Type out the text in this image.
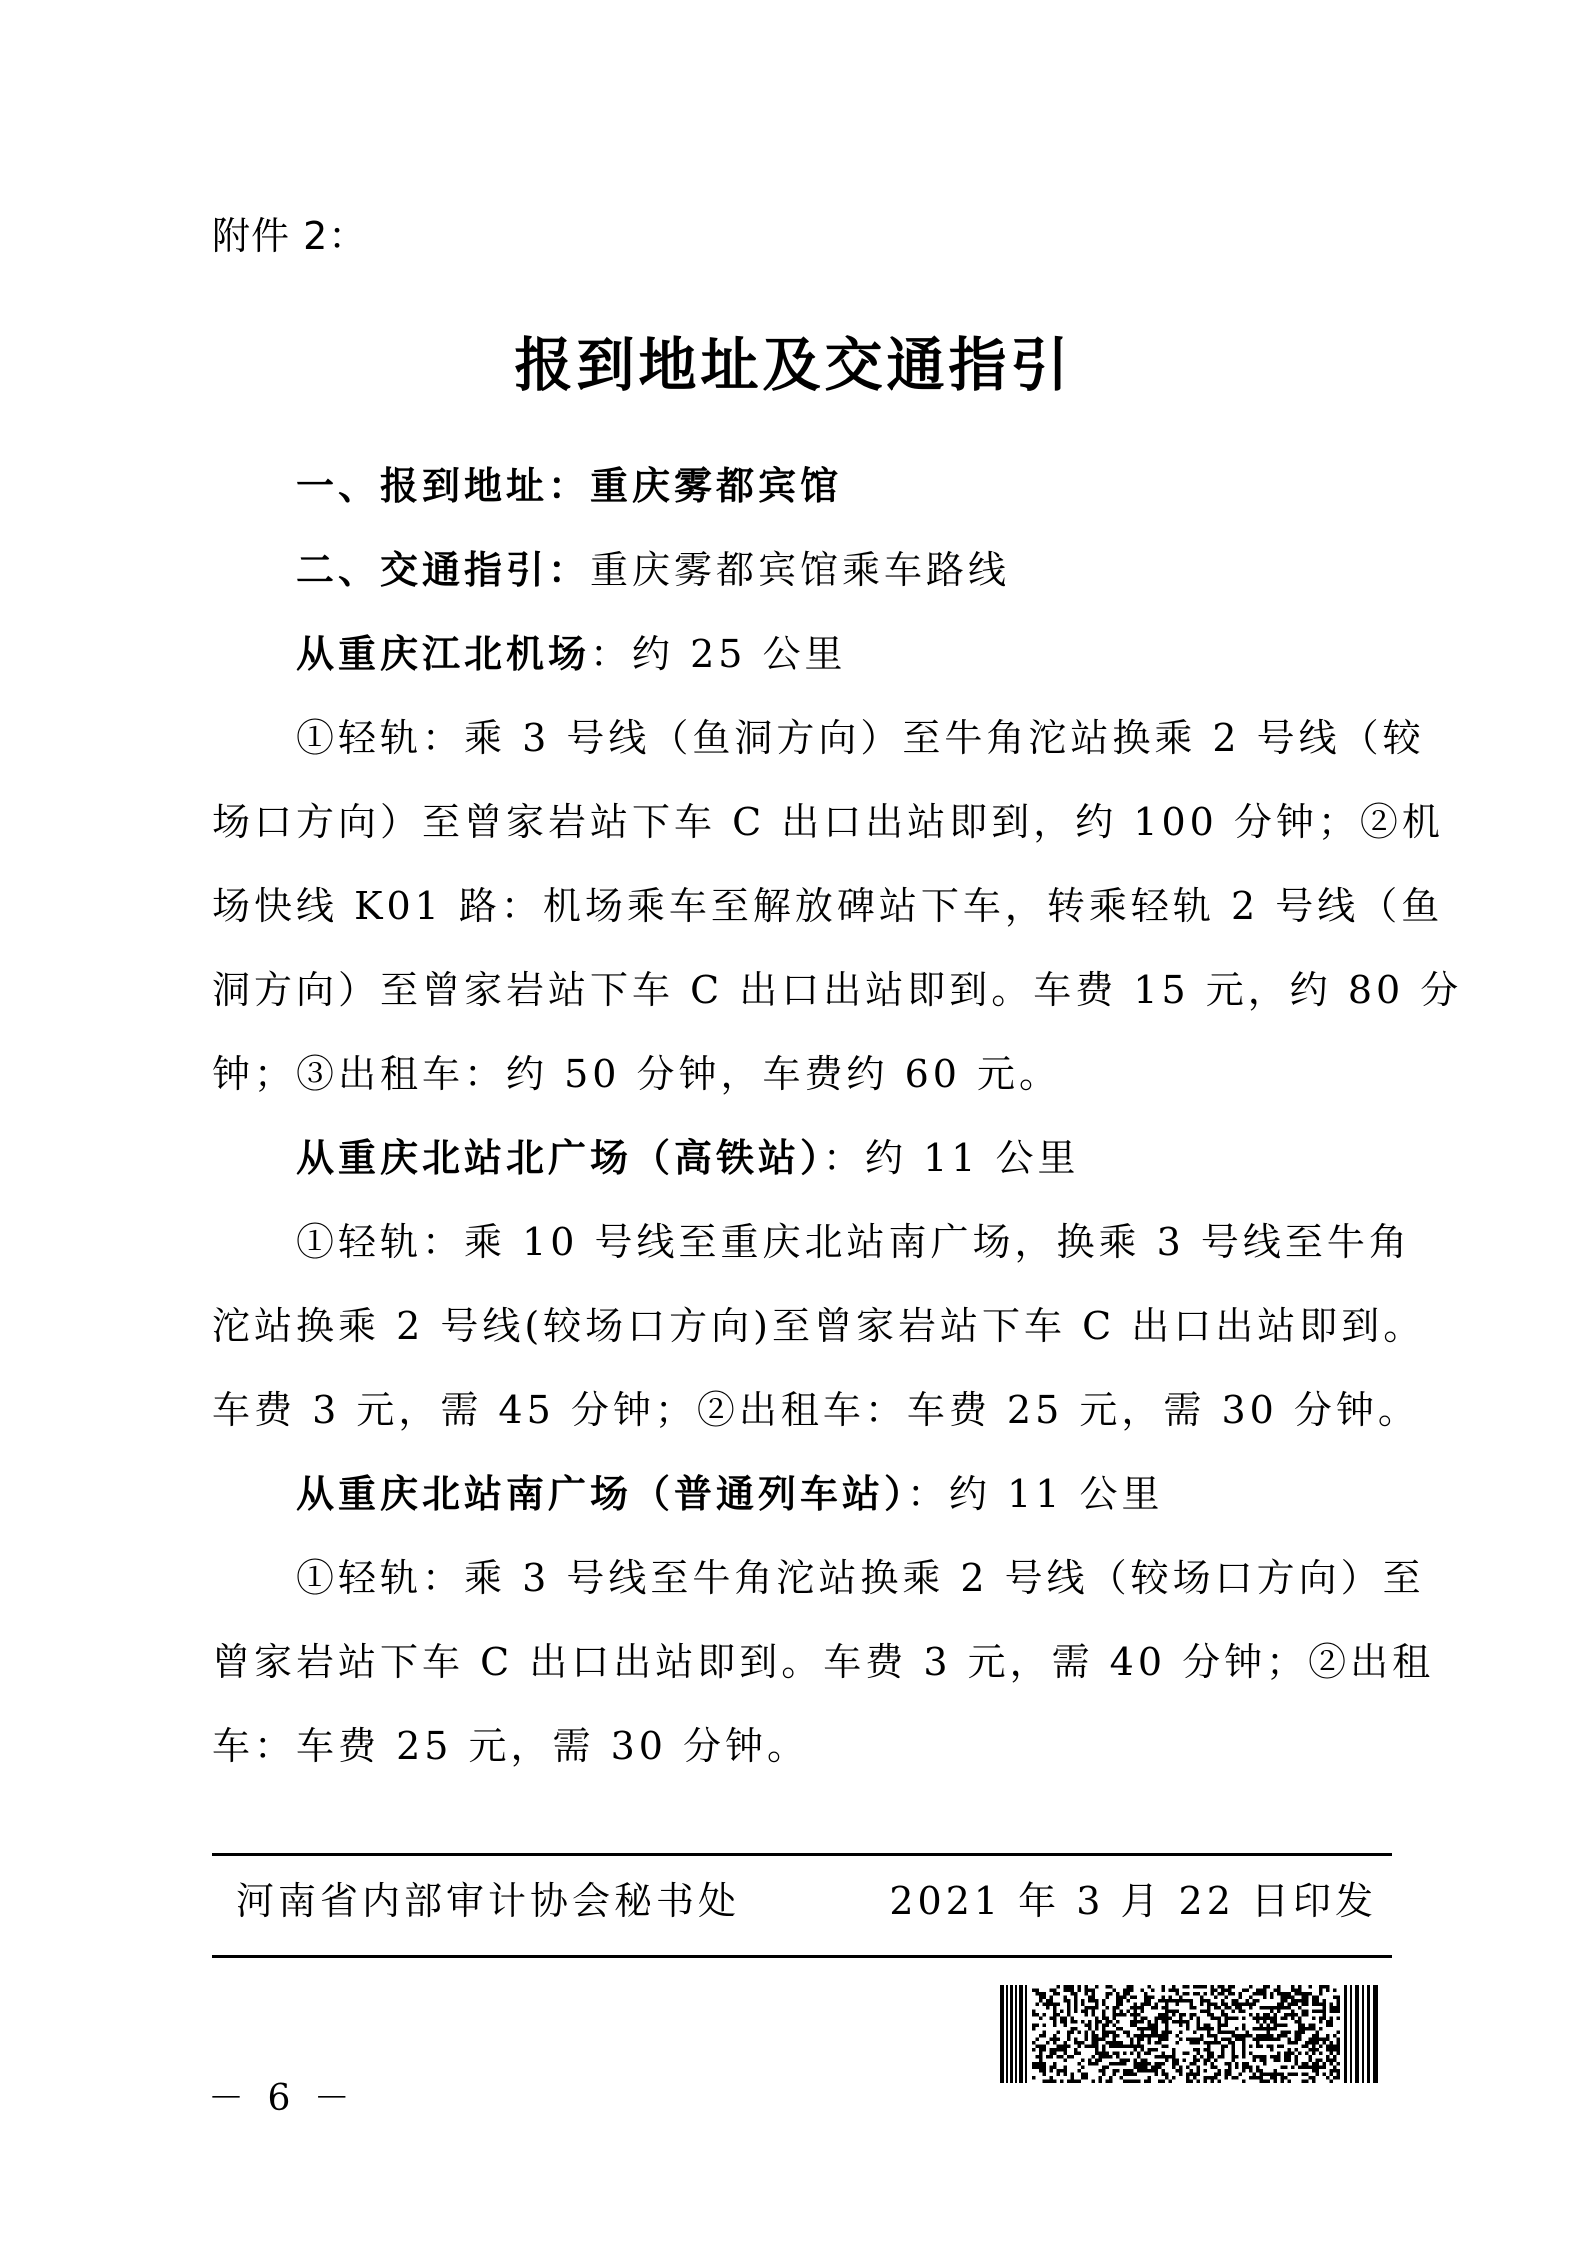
附件 2：
报到地址及交通指引
一、报到地址：重庆雾都宾馆
二、交通指引：重庆雾都宾馆乘车路线
从重庆江北机场：约 25 公里
①轻轨：乘 3 号线（鱼洞方向）至牛角沱站换乘 2 号线（较
场口方向）至曾家岩站下车 C 出口出站即到，约 100 分钟；②机
场快线 K01 路：机场乘车至解放碑站下车，转乘轻轨 2 号线（鱼
洞方向）至曾家岩站下车 C 出口出站即到。车费 15 元，约 80 分
钟；③出租车：约 50 分钟，车费约 60 元。
从重庆北站北广场（高铁站）：约 11 公里
①轻轨：乘 10 号线至重庆北站南广场，换乘 3 号线至牛角
沱站换乘 2 号线(较场口方向)至曾家岩站下车 C 出口出站即到。
车费 3 元，需 45 分钟；②出租车：车费 25 元，需 30 分钟。
从重庆北站南广场（普通列车站）：约 11 公里
①轻轨：乘 3 号线至牛角沱站换乘 2 号线（较场口方向）至
曾家岩站下车 C 出口出站即到。车费 3 元，需 40 分钟；②出租
车：车费 25 元，需 30 分钟。
河南省内部审计协会秘书处	2021 年 3 月 22 日印发
－ 6 －
